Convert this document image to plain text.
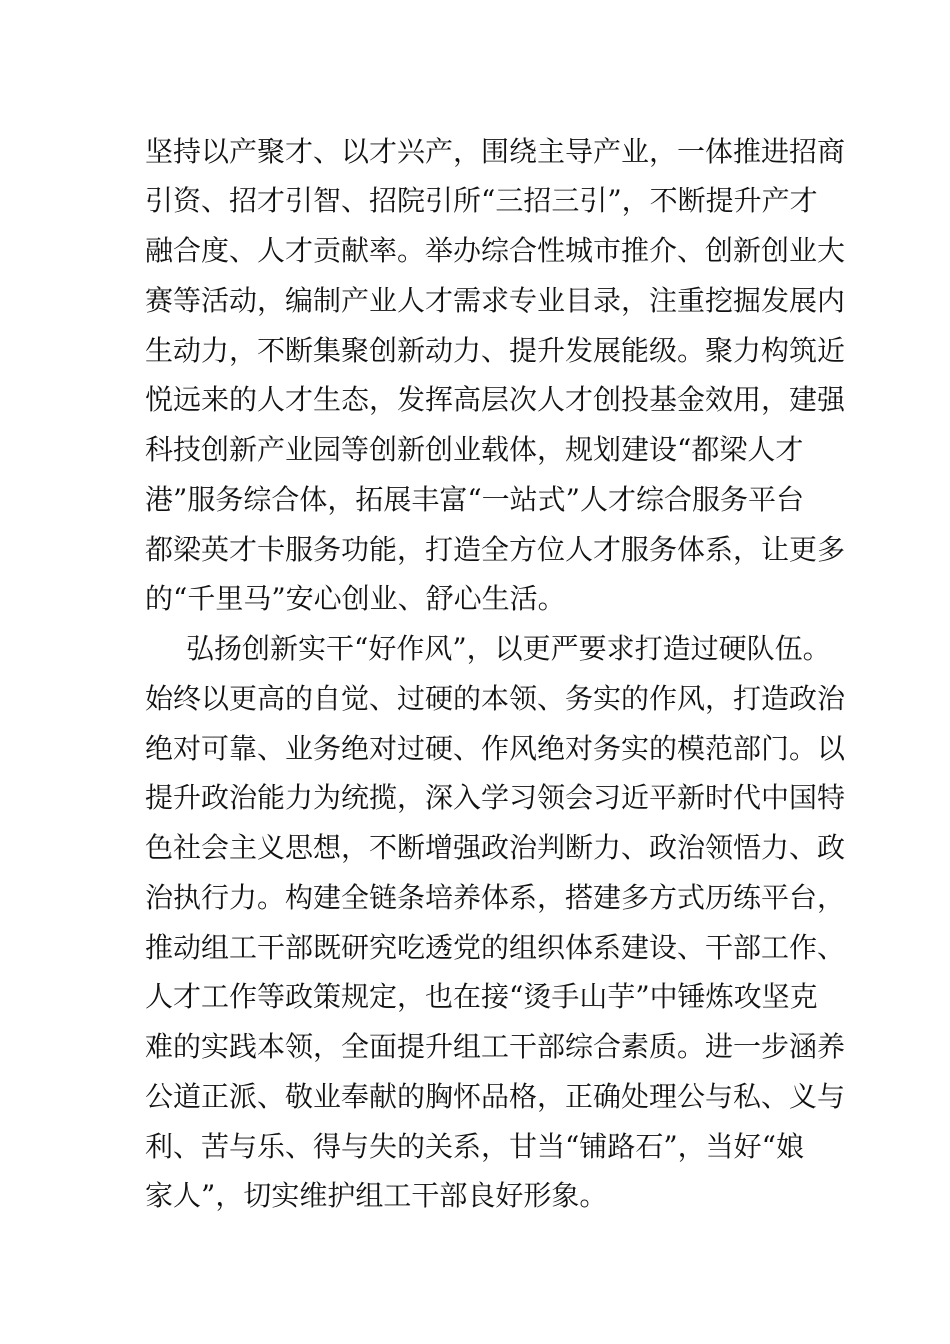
坚持以产聚才、以才兴产，围绕主导产业，一体推进招商
引资、招才引智、招院引所“三招三引”，不断提升产才
融合度、人才贡献率。举办综合性城市推介、创新创业大
赛等活动，编制产业人才需求专业目录，注重挖掘发展内
生动力，不断集聚创新动力、提升发展能级。聚力构筑近
悦远来的人才生态，发挥高层次人才创投基金效用，建强
科技创新产业园等创新创业载体，规划建设“都梁人才
港”服务综合体，拓展丰富“一站式”人才综合服务平台
都梁英才卡服务功能，打造全方位人才服务体系，让更多
的“千里马”安心创业、舒心生活。
弘扬创新实干“好作风”，以更严要求打造过硬队伍。
始终以更高的自觉、过硬的本领、务实的作风，打造政治
绝对可靠、业务绝对过硬、作风绝对务实的模范部门。以
提升政治能力为统揽，深入学习领会习近平新时代中国特
色社会主义思想，不断增强政治判断力、政治领悟力、政
治执行力。构建全链条培养体系，搭建多方式历练平台，
推动组工干部既研究吃透党的组织体系建设、干部工作、
人才工作等政策规定，也在接“烫手山芋”中锤炼攻坚克
难的实践本领，全面提升组工干部综合素质。进一步涵养
公道正派、敬业奉献的胸怀品格，正确处理公与私、义与
利、苦与乐、得与失的关系，甘当“铺路石”，当好“娘
家人”，切实维护组工干部良好形象。
